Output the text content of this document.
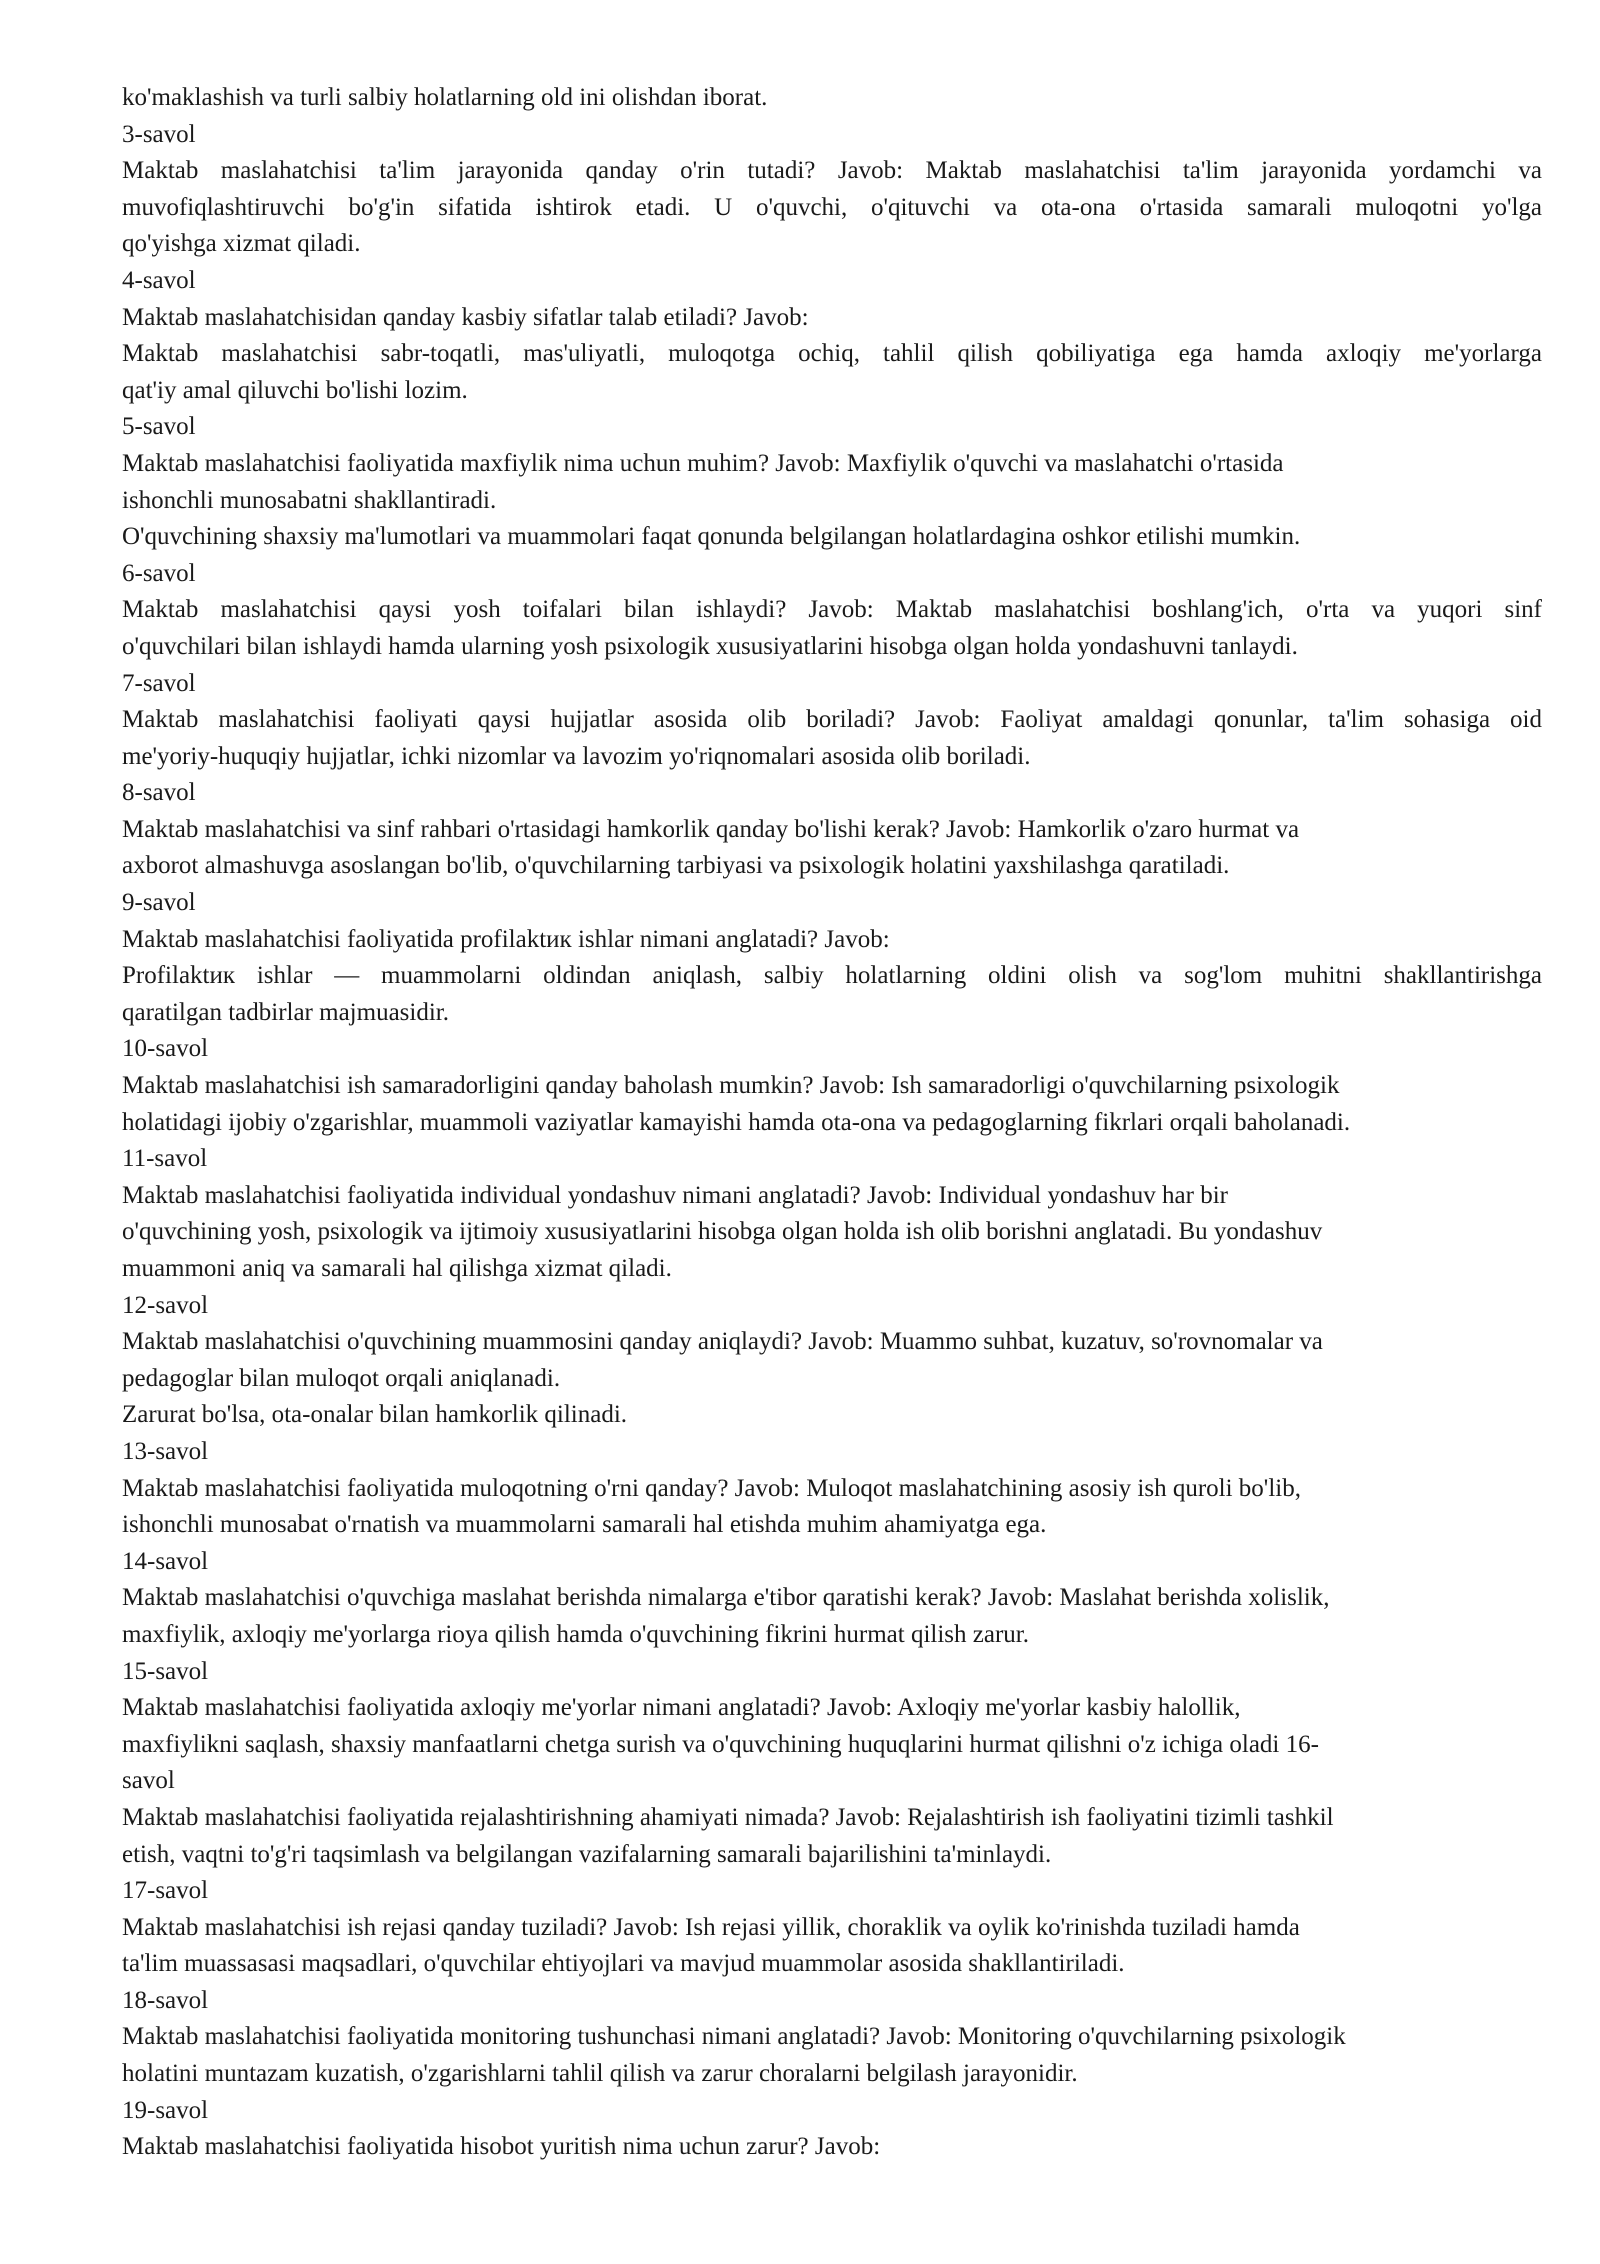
ko'maklashish va turli salbiy holatlarning old ini olishdan iborat.
3-savol
Maktab maslahatchisi ta'lim jarayonida qanday o'rin tutadi? Javob: Maktab maslahatchisi ta'lim jarayonida yordamchi va
muvofiqlashtiruvchi bo'g'in sifatida ishtirok etadi. U o'quvchi, o'qituvchi va ota-ona o'rtasida samarali muloqotni yo'lga
qo'yishga xizmat qiladi.
4-savol
Maktab maslahatchisidan qanday kasbiy sifatlar talab etiladi? Javob:
Maktab maslahatchisi sabr-toqatli, mas'uliyatli, muloqotga ochiq, tahlil qilish qobiliyatiga ega hamda axloqiy me'yorlarga
qat'iy amal qiluvchi bo'lishi lozim.
5-savol
Maktab maslahatchisi faoliyatida maxfiylik nima uchun muhim? Javob: Maxfiylik o'quvchi va maslahatchi o'rtasida
ishonchli munosabatni shakllantiradi.
O'quvchining shaxsiy ma'lumotlari va muammolari faqat qonunda belgilangan holatlardagina oshkor etilishi mumkin.
6-savol
Maktab maslahatchisi qaysi yosh toifalari bilan ishlaydi? Javob: Maktab maslahatchisi boshlang'ich, o'rta va yuqori sinf
o'quvchilari bilan ishlaydi hamda ularning yosh psixologik xususiyatlarini hisobga olgan holda yondashuvni tanlaydi.
7-savol
Maktab maslahatchisi faoliyati qaysi hujjatlar asosida olib boriladi? Javob: Faoliyat amaldagi qonunlar, ta'lim sohasiga oid
me'yoriy-huquqiy hujjatlar, ichki nizomlar va lavozim yo'riqnomalari asosida olib boriladi.
8-savol
Maktab maslahatchisi va sinf rahbari o'rtasidagi hamkorlik qanday bo'lishi kerak? Javob: Hamkorlik o'zaro hurmat va
axborot almashuvga asoslangan bo'lib, o'quvchilarning tarbiyasi va psixologik holatini yaxshilashga qaratiladi.
9-savol
Maktab maslahatchisi faoliyatida profilaktик ishlar nimani anglatadi? Javob:
Profilaktик ishlar — muammolarni oldindan aniqlash, salbiy holatlarning oldini olish va sog'lom muhitni shakllantirishga
qaratilgan tadbirlar majmuasidir.
10-savol
Maktab maslahatchisi ish samaradorligini qanday baholash mumkin? Javob: Ish samaradorligi o'quvchilarning psixologik
holatidagi ijobiy o'zgarishlar, muammoli vaziyatlar kamayishi hamda ota-ona va pedagoglarning fikrlari orqali baholanadi.
11-savol
Maktab maslahatchisi faoliyatida individual yondashuv nimani anglatadi? Javob: Individual yondashuv har bir
o'quvchining yosh, psixologik va ijtimoiy xususiyatlarini hisobga olgan holda ish olib borishni anglatadi. Bu yondashuv
muammoni aniq va samarali hal qilishga xizmat qiladi.
12-savol
Maktab maslahatchisi o'quvchining muammosini qanday aniqlaydi? Javob: Muammo suhbat, kuzatuv, so'rovnomalar va
pedagoglar bilan muloqot orqali aniqlanadi.
Zarurat bo'lsa, ota-onalar bilan hamkorlik qilinadi.
13-savol
Maktab maslahatchisi faoliyatida muloqotning o'rni qanday? Javob: Muloqot maslahatchining asosiy ish quroli bo'lib,
ishonchli munosabat o'rnatish va muammolarni samarali hal etishda muhim ahamiyatga ega.
14-savol
Maktab maslahatchisi o'quvchiga maslahat berishda nimalarga e'tibor qaratishi kerak? Javob: Maslahat berishda xolislik,
maxfiylik, axloqiy me'yorlarga rioya qilish hamda o'quvchining fikrini hurmat qilish zarur.
15-savol
Maktab maslahatchisi faoliyatida axloqiy me'yorlar nimani anglatadi? Javob: Axloqiy me'yorlar kasbiy halollik,
maxfiylikni saqlash, shaxsiy manfaatlarni chetga surish va o'quvchining huquqlarini hurmat qilishni o'z ichiga oladi 16-
savol
Maktab maslahatchisi faoliyatida rejalashtirishning ahamiyati nimada? Javob: Rejalashtirish ish faoliyatini tizimli tashkil
etish, vaqtni to'g'ri taqsimlash va belgilangan vazifalarning samarali bajarilishini ta'minlaydi.
17-savol
Maktab maslahatchisi ish rejasi qanday tuziladi? Javob: Ish rejasi yillik, choraklik va oylik ko'rinishda tuziladi hamda
ta'lim muassasasi maqsadlari, o'quvchilar ehtiyojlari va mavjud muammolar asosida shakllantiriladi.
18-savol
Maktab maslahatchisi faoliyatida monitoring tushunchasi nimani anglatadi? Javob: Monitoring o'quvchilarning psixologik
holatini muntazam kuzatish, o'zgarishlarni tahlil qilish va zarur choralarni belgilash jarayonidir.
19-savol
Maktab maslahatchisi faoliyatida hisobot yuritish nima uchun zarur? Javob:
